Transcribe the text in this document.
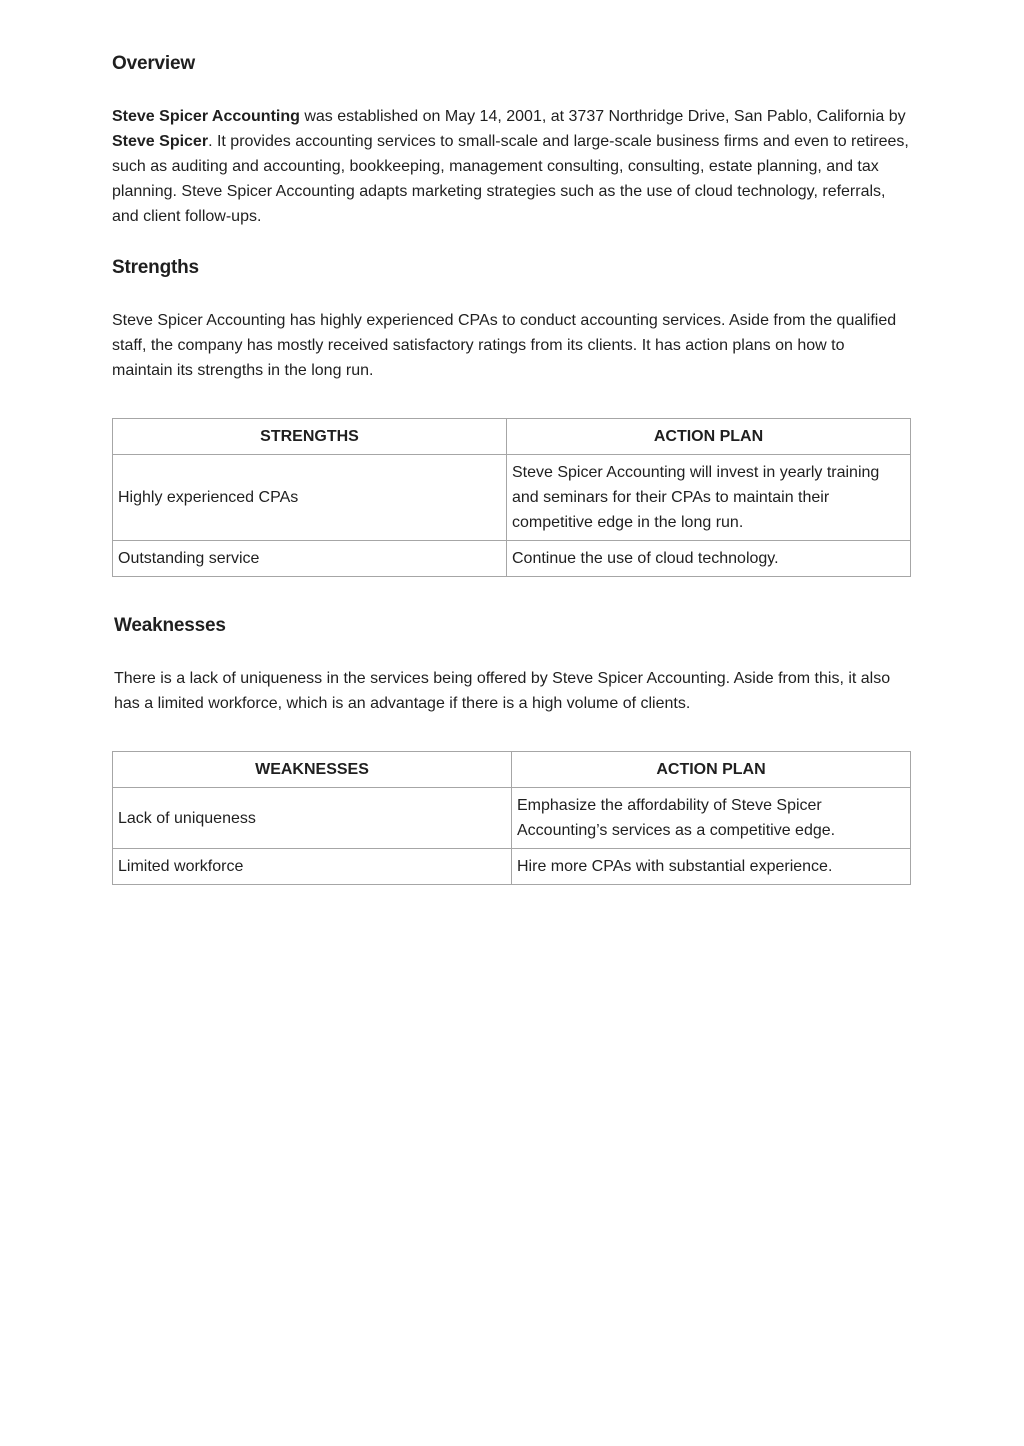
Overview

Steve Spicer Accounting was established on May 14, 2001, at 3737 Northridge Drive, San Pablo, California by Steve Spicer. It provides accounting services to small-scale and large-scale business firms and even to retirees, such as auditing and accounting, bookkeeping, management consulting, consulting, estate planning, and tax planning. Steve Spicer Accounting adapts marketing strategies such as the use of cloud technology, referrals, and client follow-ups.

Strengths

Steve Spicer Accounting has highly experienced CPAs to conduct accounting services. Aside from the qualified staff, the company has mostly received satisfactory ratings from its clients. It has action plans on how to maintain its strengths in the long run.

STRENGTHS	ACTION PLAN
Highly experienced CPAs	Steve Spicer Accounting will invest in yearly training and seminars for their CPAs to maintain their competitive edge in the long run.
Outstanding service	Continue the use of cloud technology.
Weaknesses

There is a lack of uniqueness in the services being offered by Steve Spicer Accounting. Aside from this, it also has a limited workforce, which is an advantage if there is a high volume of clients.

WEAKNESSES	ACTION PLAN
Lack of uniqueness	Emphasize the affordability of Steve Spicer Accounting’s services as a competitive edge.
Limited workforce	Hire more CPAs with substantial experience.
